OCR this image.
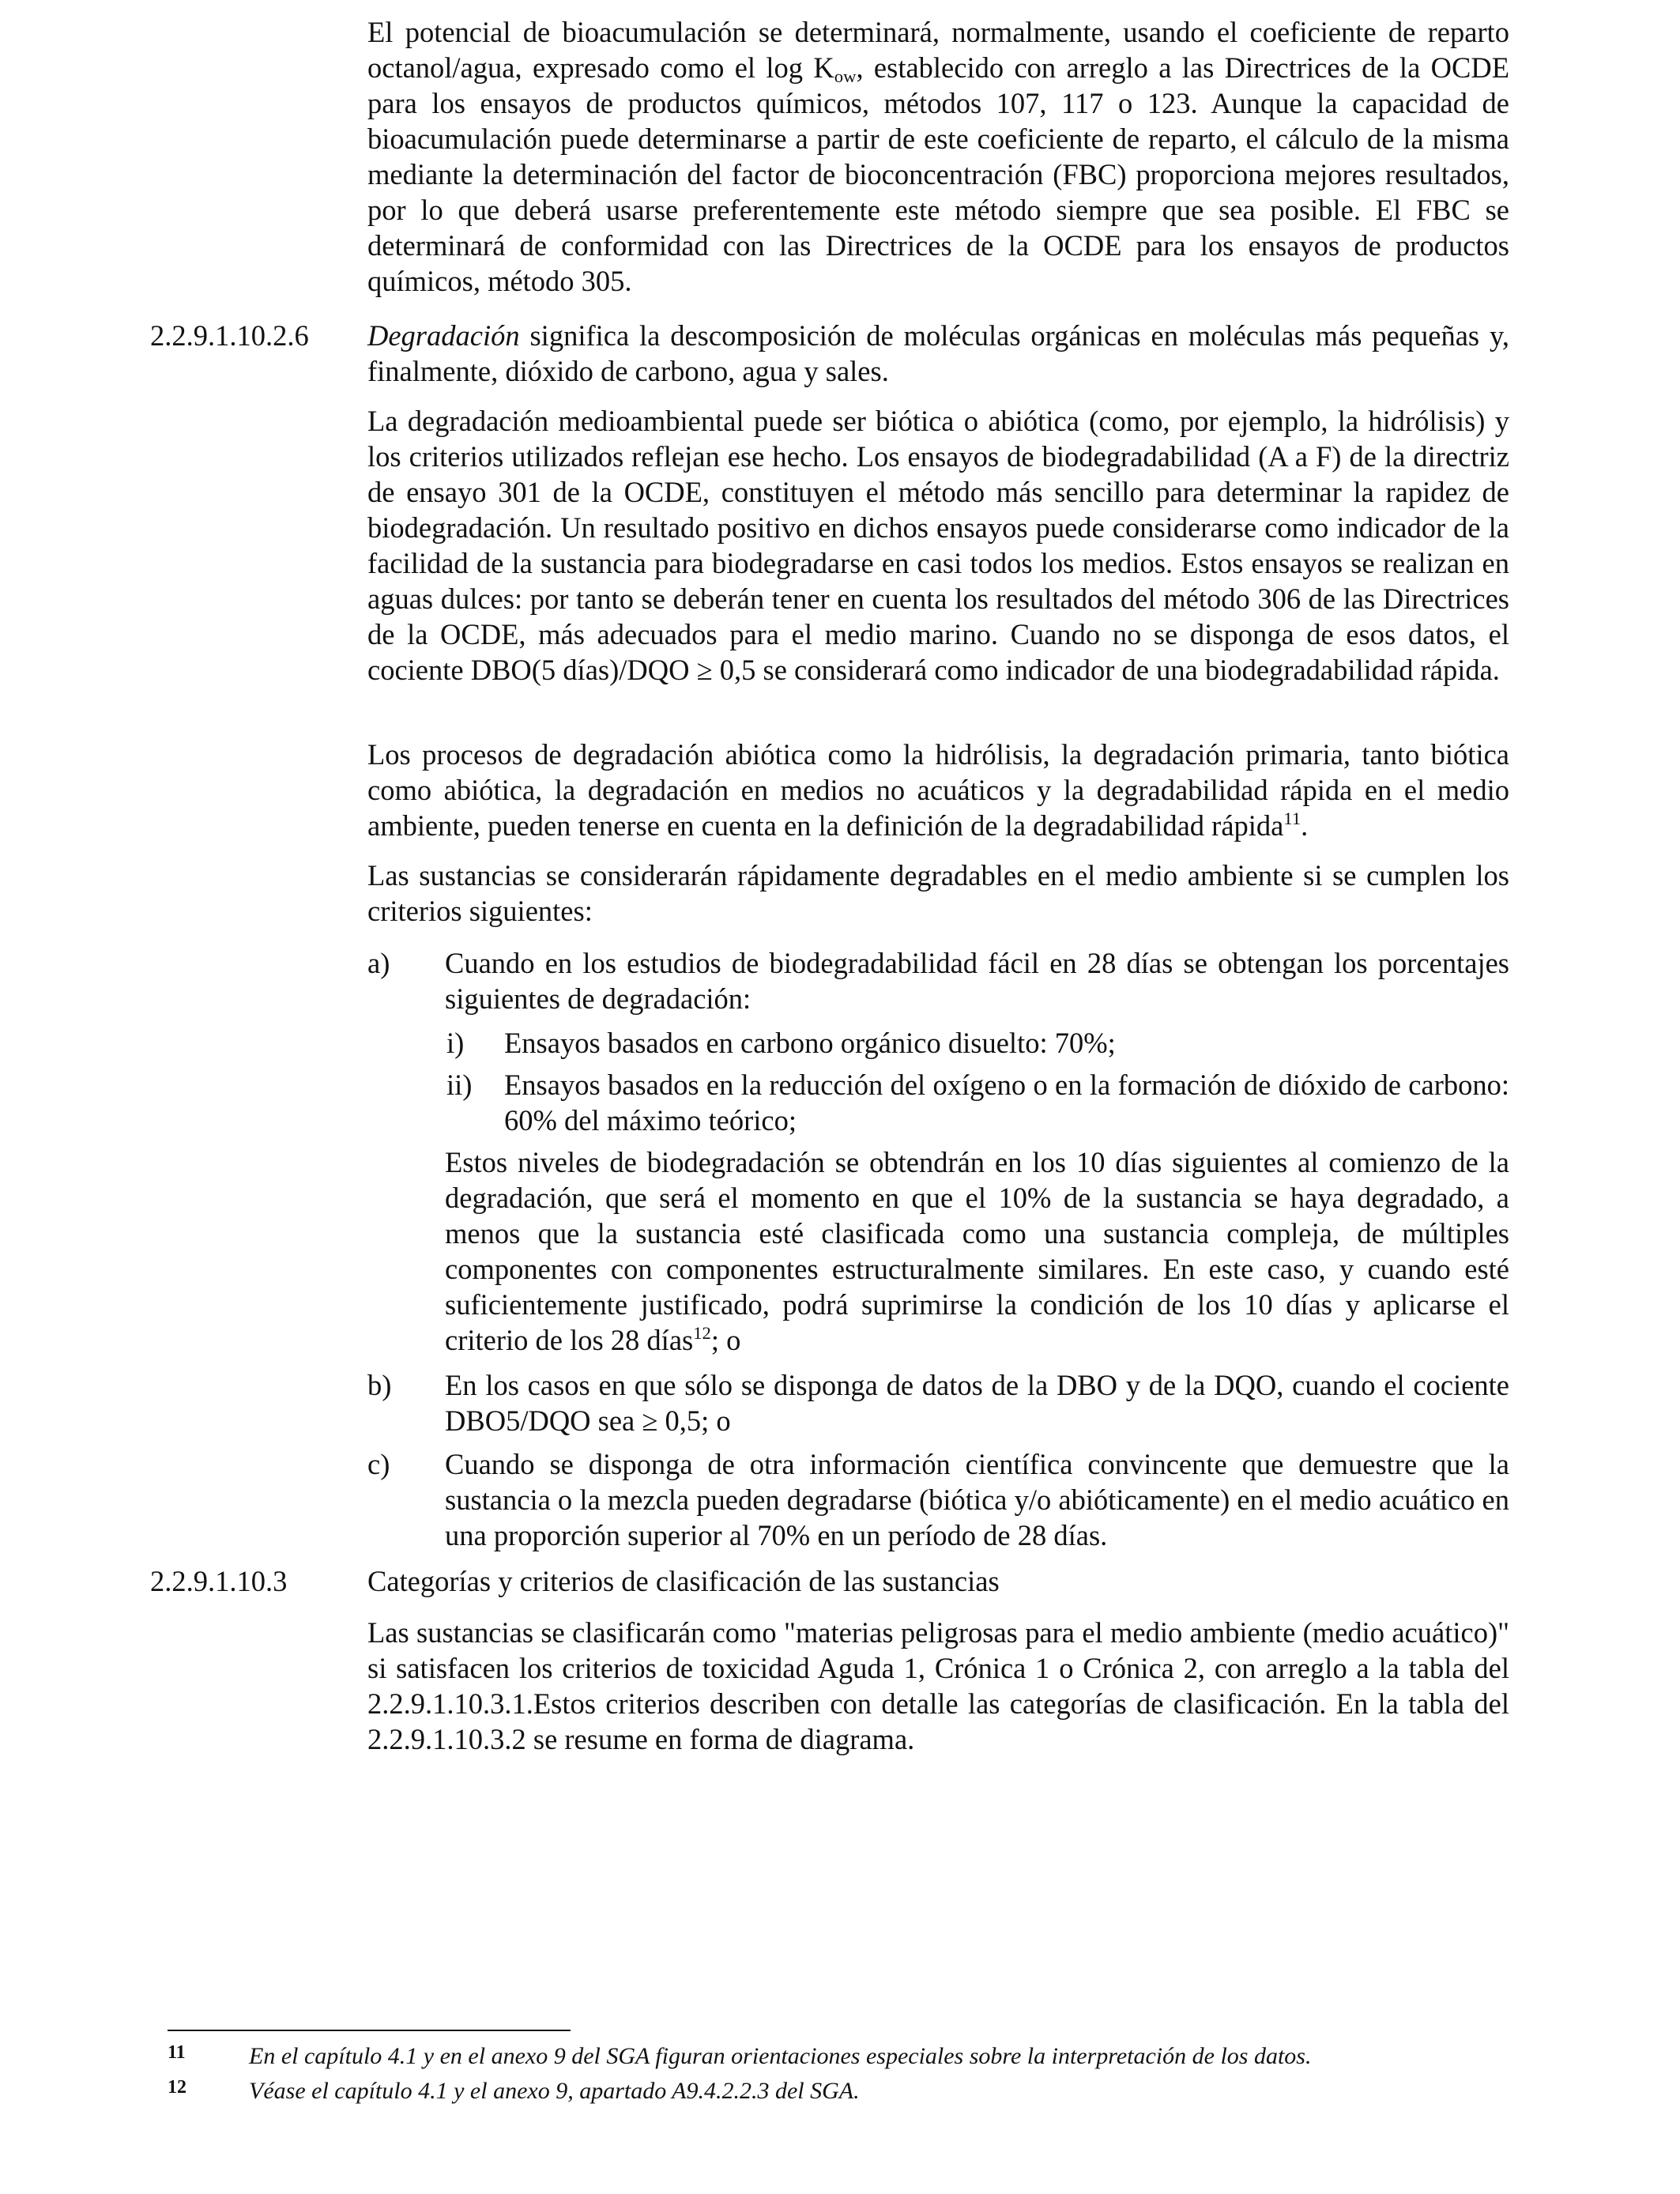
El potencial de bioacumulación se determinará, normalmente, usando el coeficiente de reparto octanol/agua, expresado como el $\log K_{ow}$, establecido con arreglo a las Directrices de la OCDE para los ensayos de productos químicos, métodos 107, 117 o 123. Aunque la capacidad de bioacumulación puede determinarse a partir de este coeficiente de reparto, el cálculo de la misma mediante la determinación del factor de bioconcentración (FBC) proporciona mejores resultados, por lo que deberá usarse preferentemente este método siempre que sea posible. El FBC se determinará de conformidad con las Directrices de la OCDE para los ensayos de productos químicos, método 305.
2.2.9.1.10.2.6 Degradación significa la descomposición de moléculas orgánicas en moléculas más pequeñas y, finalmente, dióxido de carbono, agua y sales.
La degradación medioambiental puede ser biótica o abiótica (como, por ejemplo, la hidrólisis) y los criterios utilizados reflejan ese hecho. Los ensayos de biodegradabilidad (A a F) de la directriz de ensayo 301 de la OCDE, constituyen el método más sencillo para determinar la rapidez de biodegradación. Un resultado positivo en dichos ensayos puede considerarse como indicador de la facilidad de la sustancia para biodegradarse en casi todos los medios. Estos ensayos se realizan en aguas dulces: por tanto se deberán tener en cuenta los resultados del método 306 de las Directrices de la OCDE, más adecuados para el medio marino. Cuando no se disponga de esos datos, el cociente DBO(5 días)/DQO ≥ 0,5 se considerará como indicador de una biodegradabilidad rápida.
Los procesos de degradación abiótica como la hidrólisis, la degradación primaria, tanto biótica como abiótica, la degradación en medios no acuáticos y la degradabilidad rápida en el medio ambiente, pueden tenerse en cuenta en la definición de la degradabilidad rápida$^{11}$.
Las sustancias se considerarán rápidamente degradables en el medio ambiente si se cumplen los criterios siguientes:
a) Cuando en los estudios de biodegradabilidad fácil en 28 días se obtengan los porcentajes siguientes de degradación:
i) Ensayos basados en carbono orgánico disuelto: 70%;
ii) Ensayos basados en la reducción del oxígeno o en la formación de dióxido de carbono: 60% del máximo teórico;
Estos niveles de biodegradación se obtendrán en los 10 días siguientes al comienzo de la degradación, que será el momento en que el 10% de la sustancia se haya degradado, a menos que la sustancia esté clasificada como una sustancia compleja, de múltiples componentes con componentes estructuralmente similares. En este caso, y cuando esté suficientemente justificado, podrá suprimirse la condición de los 10 días y aplicarse el criterio de los 28 días$^{12}$; o
b) En los casos en que sólo se disponga de datos de la DBO y de la DQO, cuando el cociente DBO5/DQO sea ≥ 0,5; o
c) Cuando se disponga de otra información científica convincente que demuestre que la sustancia o la mezcla pueden degradarse (biótica y/o abióticamente) en el medio acuático en una proporción superior al 70% en un período de 28 días.
2.2.9.1.10.3	Categorías y criterios de clasificación de las sustancias
Las sustancias se clasificarán como "materias peligrosas para el medio ambiente (medio acuático)" si satisfacen los criterios de toxicidad Aguda 1, Crónica 1 o Crónica 2, con arreglo a la tabla del 2.2.9.1.10.3.1.Estos criterios describen con detalle las categorías de clasificación. En la tabla del 2.2.9.1.10.3.2 se resume en forma de diagrama.
11	En el capítulo 4.1 y en el anexo 9 del SGA figuran orientaciones especiales sobre la interpretación de los datos.
12	Véase el capítulo 4.1 y el anexo 9, apartado A9.4.2.2.3 del SGA.
